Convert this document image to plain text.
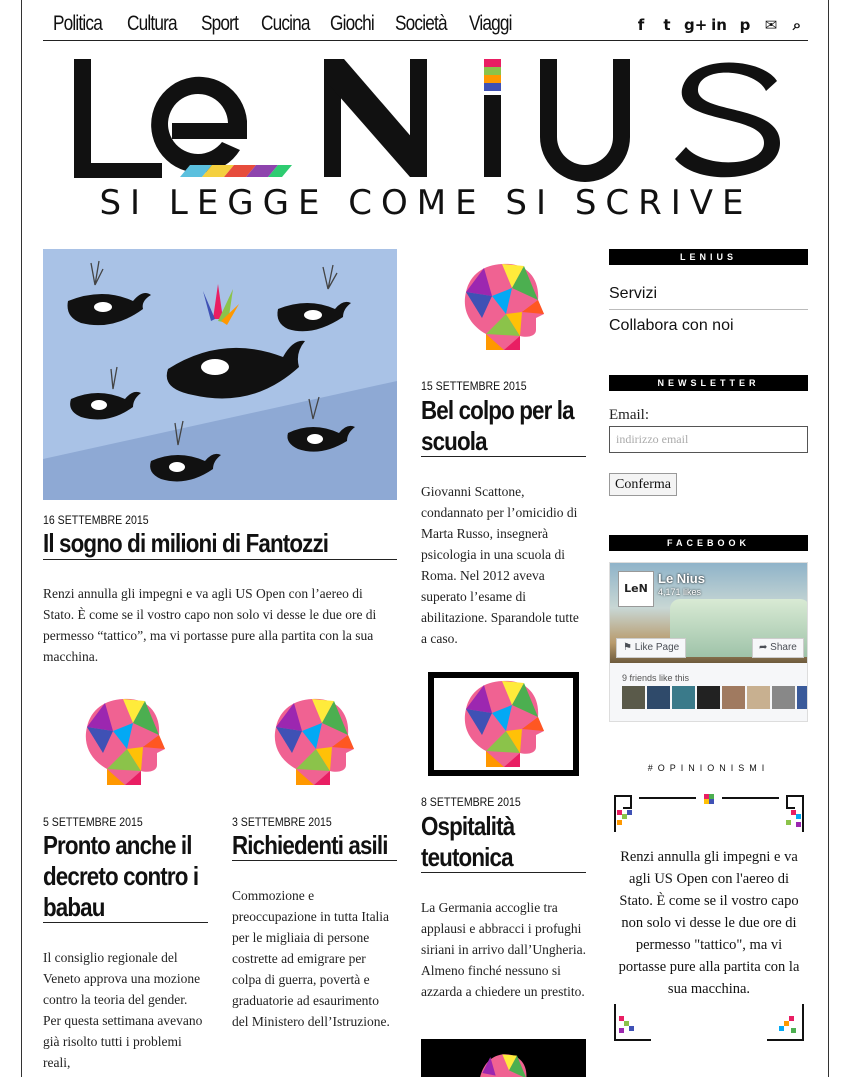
Politica	Cultura	Sport	Cucina Giochi	Società	Viaggi	f	t g+ in p ✉	⌕
SI LEGGE COME SI SCRIVE
16 SETTEMBRE 2015
Il sogno di milioni di Fantozzi
Renzi annulla gli impegni e va agli US Open con l’aereo di Stato. È come se il vostro capo non solo vi desse le due ore di permesso “tattico”, ma vi portasse pure alla partita con la sua macchina.
15 SETTEMBRE 2015
Bel colpo per la scuola
Giovanni Scattone, condannato per l’omicidio di Marta Russo, insegnerà psicologia in una scuola di Roma. Nel 2012 aveva superato l’esame di abilitazione. Sparandole tutte a caso.
5 SETTEMBRE 2015
Pronto anche il decreto contro i babau
Il consiglio regionale del Veneto approva una mozione contro la teoria del gender. Per questa settimana avevano già risolto tutti i problemi reali,
3 SETTEMBRE 2015
Richiedenti asili
Commozione e preoccupazione in tutta Italia per le migliaia di persone costrette ad emigrare per colpa di guerra, povertà e graduatorie ad esaurimento del Ministero dell’Istruzione.
8 SETTEMBRE 2015
Ospitalità teutonica
La Germania accoglie tra applausi e abbracci i profughi siriani in arrivo dall’Ungheria. Almeno finché nessuno si azzarda a chiedere un prestito.
LENIUS
Servizi
Collabora con noi
NEWSLETTER
Email:
indirizzo email
Conferma
FACEBOOK
LeN
Le Nius
4,171 likes
⚑ Like Page	➦ Share
9 friends like this
#OPINIONISMI
Renzi annulla gli impegni e va agli US Open con l'aereo di Stato. È come se il vostro capo non solo vi desse le due ore di permesso "tattico", ma vi portasse pure alla partita con la sua macchina.
